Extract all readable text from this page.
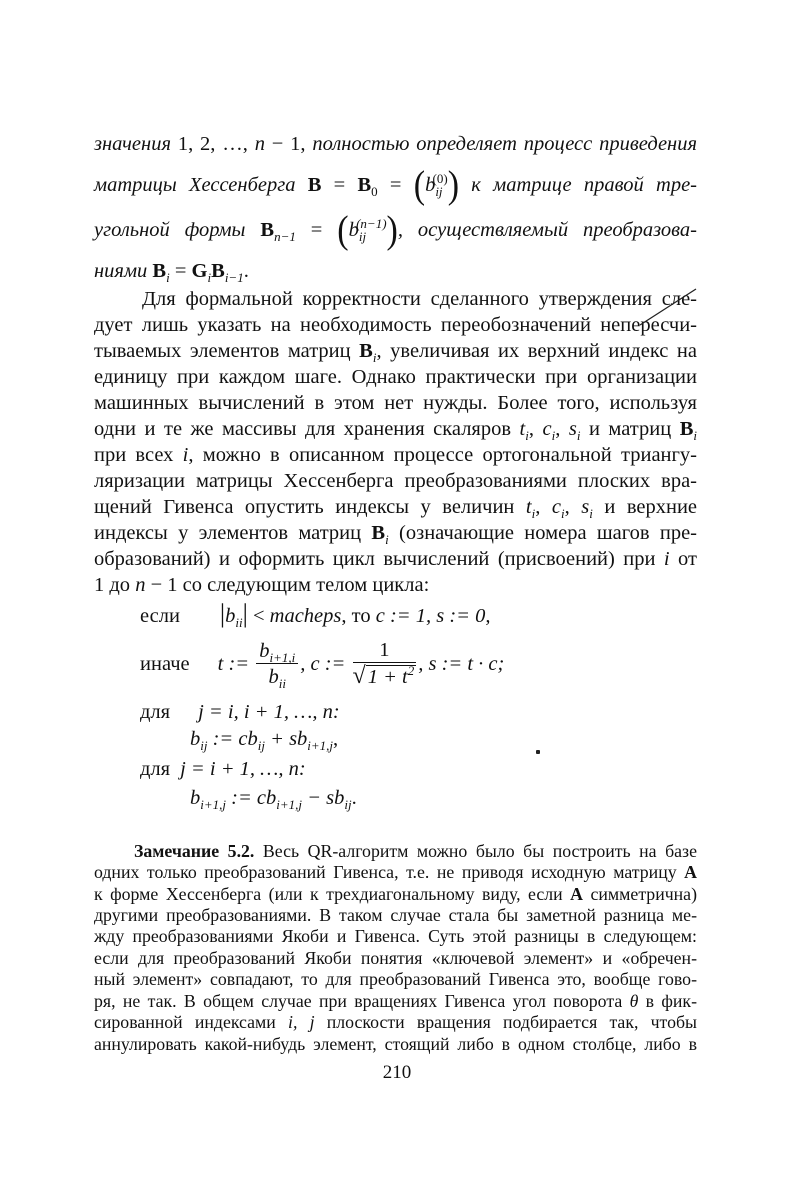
значения 1, 2, …, n − 1, полностью определяет процесс приведения
матрицы Хессенберга $B = B_0 = (b_{ij}^{(0)})$ к матрице правой тре-
угольной формы $B_{n-1} = (b_{ij}^{(n-1)})$, осуществляемый преобразова-
ниями $B_i = G_iB_{i-1}$.
Для формальной корректности сделанного утверждения сле-
дует лишь указать на необходимость переобозначений непересчи-
тываемых элементов матриц $B_i$, увеличивая их верхний индекс на
единицу при каждом шаге. Однако практически при организации
машинных вычислений в этом нет нужды. Более того, используя
одни и те же массивы для хранения скаляров $t_i$, $c_i$, $s_i$ и матриц $B_i$
при всех i, можно в описанном процессе ортогональной триангу-
ляризации матрицы Хессенберга преобразованиями плоских вра-
щений Гивенса опустить индексы у величин $t_i$, $c_i$, $s_i$ и верхние
индексы у элементов матриц $B_i$ (означающие номера шагов пре-
образований) и оформить цикл вычислений (присвоений) при i от
1 до n − 1 со следующим телом цикла:
если $|b_{ii}|$ < macheps, то c := 1, s := 0,
иначе t := $\frac{b_{i+1,i}}{b_{ii}}$ , c := $\frac{1}{√1 + t^2}$ , s := t · c;
для j = i, i + 1, …, n:
$b_{ij}$ := $cb_{ij} + sb_{i+1,j}$,
для j = i + 1, …, n:
$b_{i+1,j}$ := $cb_{i+1,j} - sb_{ij}$.
Замечание 5.2. Весь QR-алгоритм можно было бы построить на базе
одних только преобразований Гивенса, т.е. не приводя исходную матрицу A
к форме Хессенберга (или к трехдиагональному виду, если A симметрична)
другими преобразованиями. В таком случае стала бы заметной разница ме-
жду преобразованиями Якоби и Гивенса. Суть этой разницы в следующем:
если для преобразований Якоби понятия «ключевой элемент» и «обречен-
ный элемент» совпадают, то для преобразований Гивенса это, вообще гово-
ря, не так. В общем случае при вращениях Гивенса угол поворота θ в фик-
сированной индексами i, j плоскости вращения подбирается так, чтобы
аннулировать какой-нибудь элемент, стоящий либо в одном столбце, либо в
210
